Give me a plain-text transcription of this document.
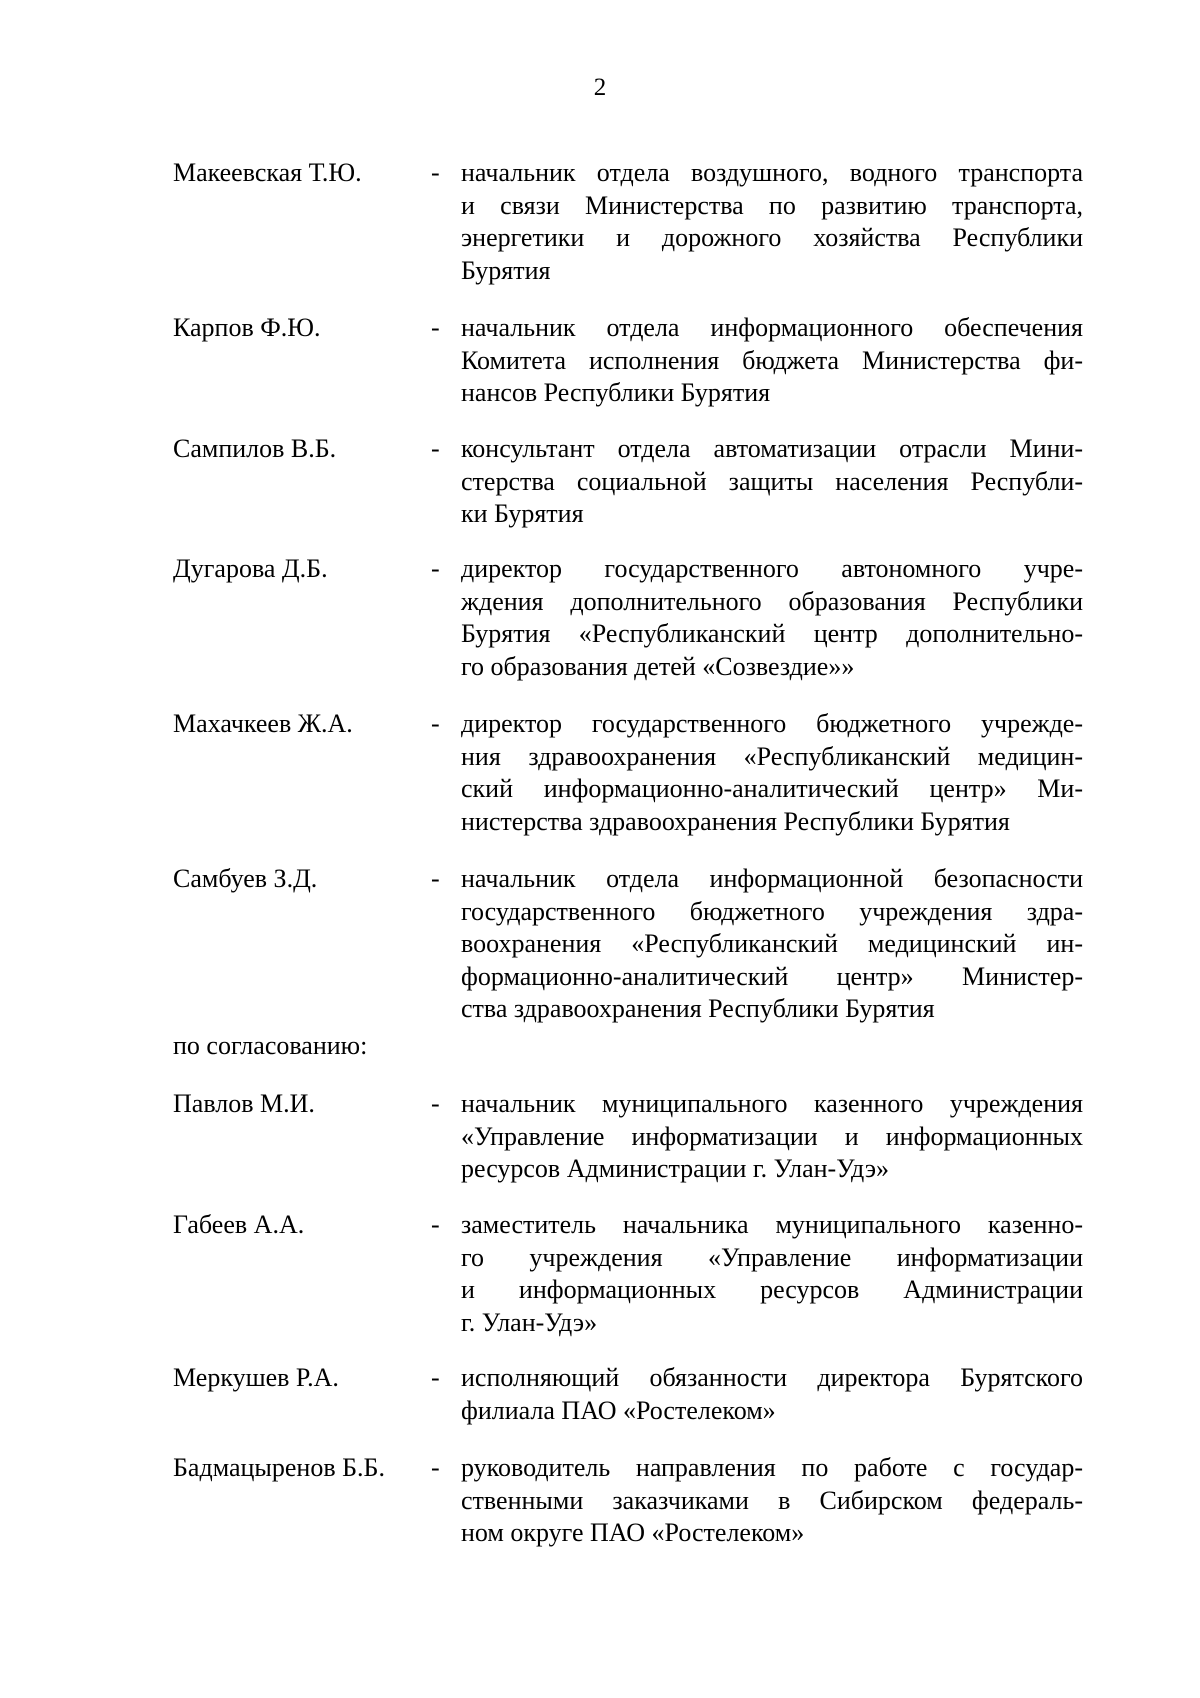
2
Макеевская Т.Ю.	- начальник отдела воздушного, водного транспорта
и связи Министерства по развитию транспорта,
энергетики и дорожного хозяйства Республики
Бурятия
Карпов Ф.Ю.	- начальник отдела информационного обеспечения
Комитета исполнения бюджета Министерства фи-
нансов Республики Бурятия
Сампилов В.Б.	- консультант отдела автоматизации отрасли Мини-
стерства социальной защиты населения Республи-
ки Бурятия
Дугарова Д.Б.	- директор государственного автономного учре-
ждения дополнительного образования Республики
Бурятия «Республиканский центр дополнительно-
го образования детей «Созвездие»»
Махачкеев Ж.А.	- директор государственного бюджетного учрежде-
ния здравоохранения «Республиканский медицин-
ский информационно-аналитический центр» Ми-
нистерства здравоохранения Республики Бурятия
Самбуев З.Д.	- начальник отдела информационной безопасности
государственного бюджетного учреждения здра-
воохранения «Республиканский медицинский ин-
формационно-аналитический центр» Министер-
ства здравоохранения Республики Бурятия
Павлов М.И.	- начальник муниципального казенного учреждения
«Управление информатизации и информационных
ресурсов Администрации г. Улан-Удэ»
Габеев А.А.	- заместитель начальника муниципального казенно-
го учреждения «Управление информатизации
и информационных ресурсов Администрации
г. Улан-Удэ»
Меркушев Р.А.	- исполняющий обязанности директора Бурятского
филиала ПАО «Ростелеком»
Бадмацыренов Б.Б. - руководитель направления по работе с государ-
ственными заказчиками в Сибирском федераль-
ном округе ПАО «Ростелеком»
по согласованию:
